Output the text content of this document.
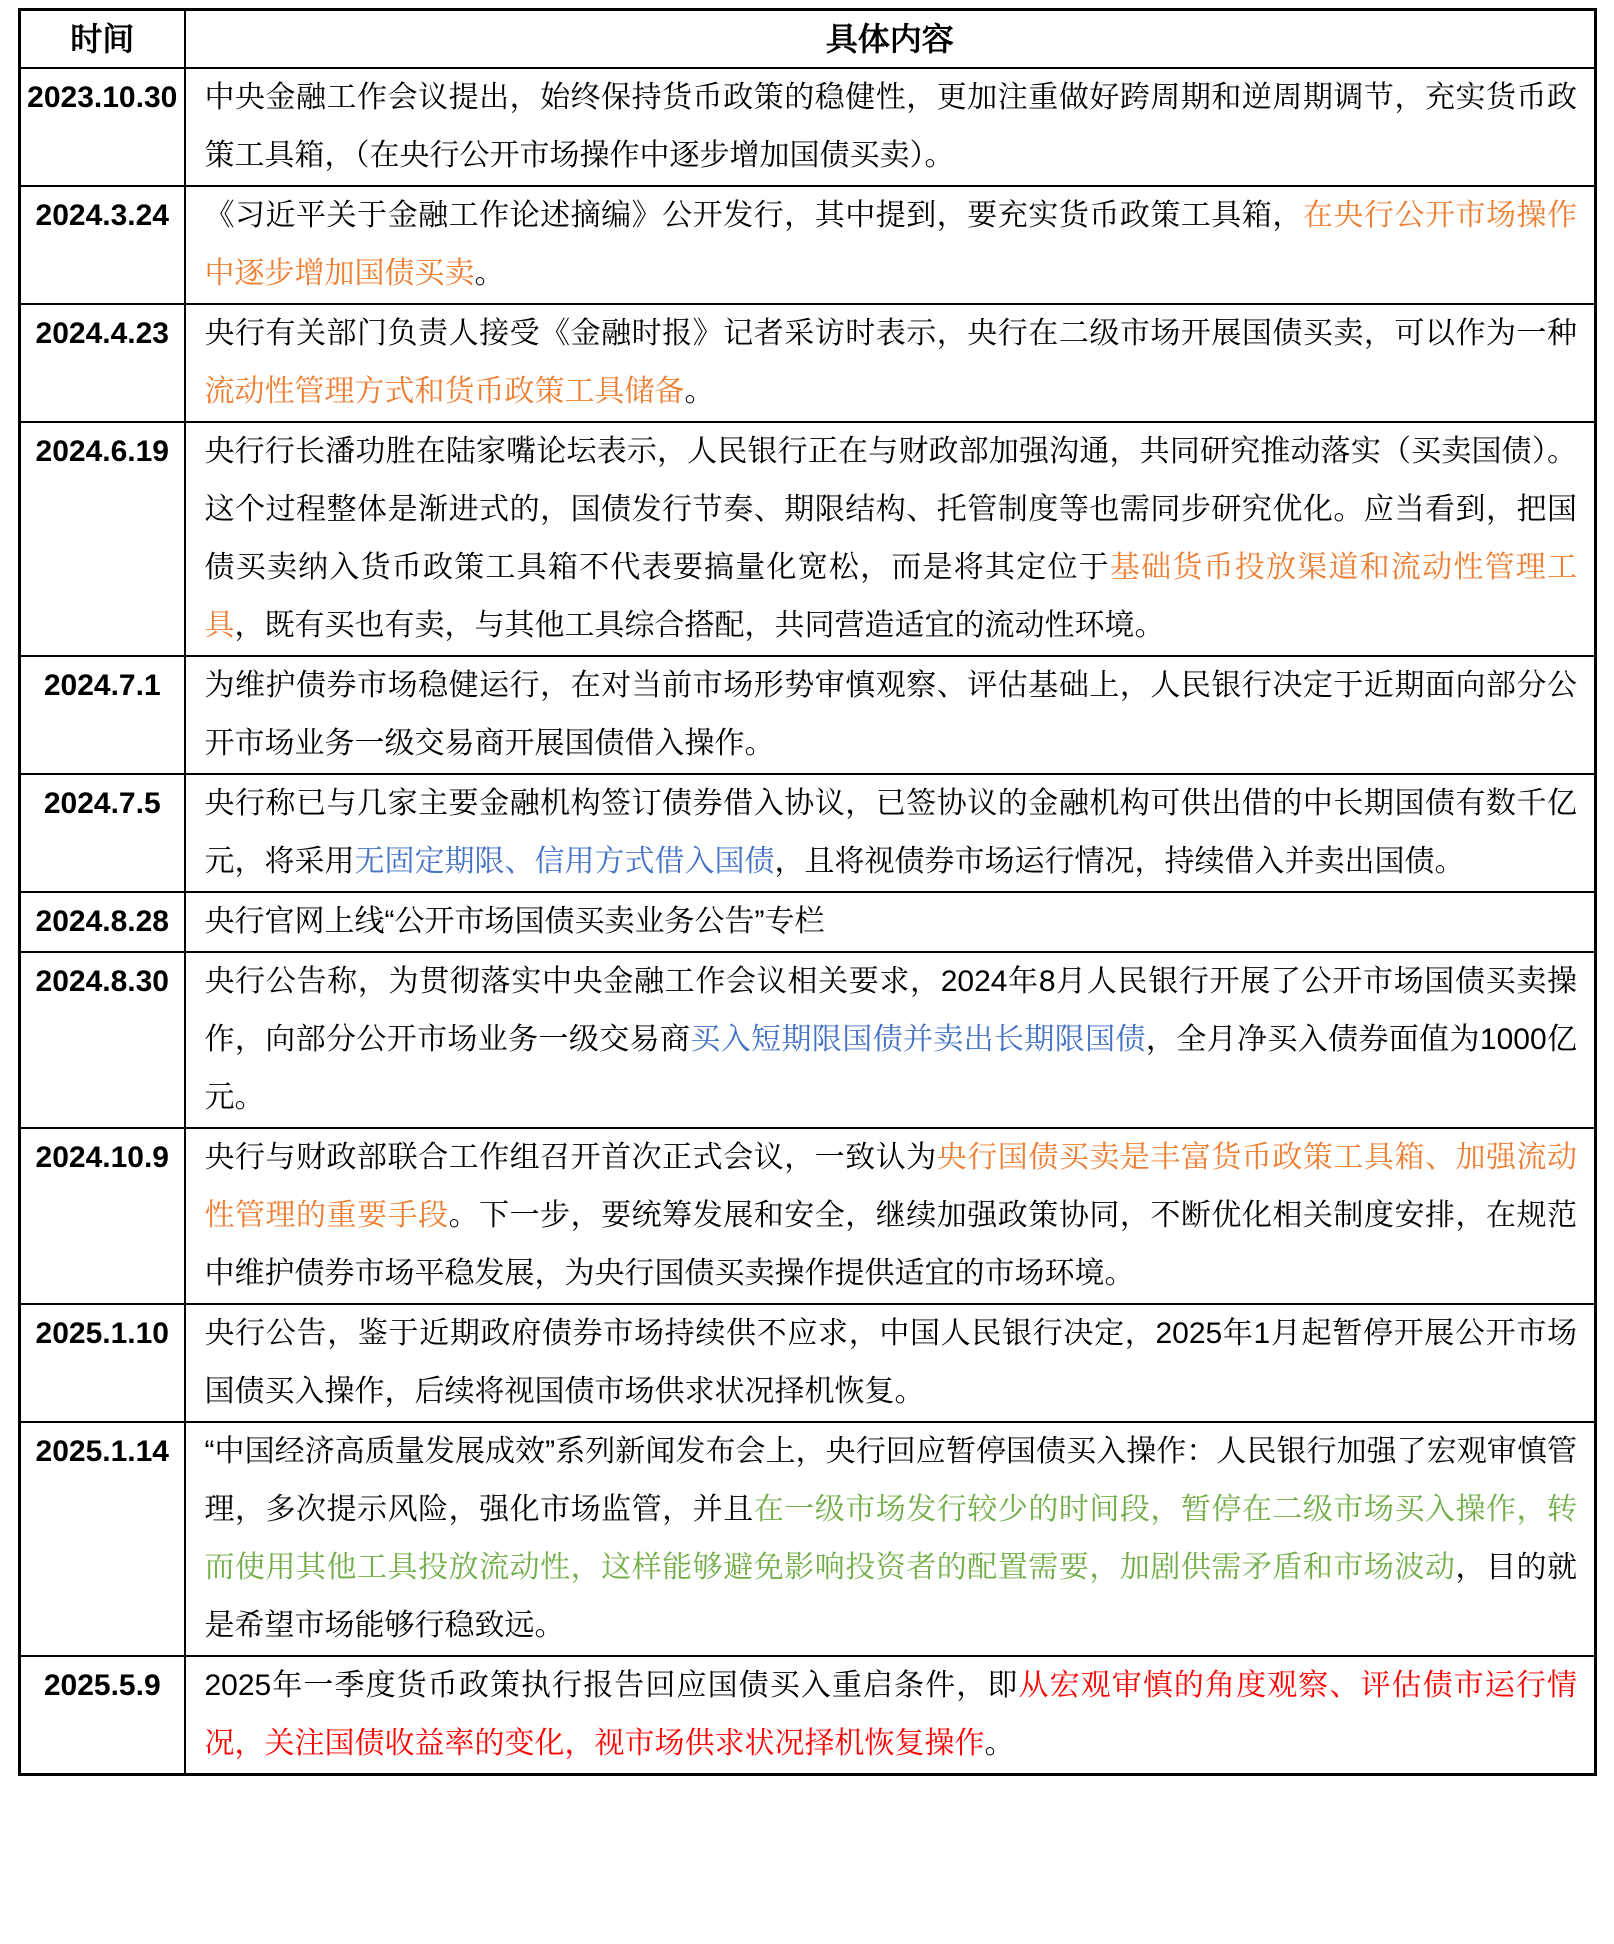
时间	具体内容
2023.10.30	中央金融工作会议提出，始终保持货币政策的稳健性，更加注重做好跨周期和逆周期调节，充实货币政策工具箱，（在央行公开市场操作中逐步增加国债买卖）。
2024.3.24	《习近平关于金融工作论述摘编》公开发行，其中提到，要充实货币政策工具箱，在央行公开市场操作中逐步增加国债买卖。
2024.4.23	央行有关部门负责人接受《金融时报》记者采访时表示，央行在二级市场开展国债买卖，可以作为一种流动性管理方式和货币政策工具储备。
2024.6.19	央行行长潘功胜在陆家嘴论坛表示，人民银行正在与财政部加强沟通，共同研究推动落实（买卖国债）。这个过程整体是渐进式的，国债发行节奏、期限结构、托管制度等也需同步研究优化。应当看到，把国债买卖纳入货币政策工具箱不代表要搞量化宽松，而是将其定位于基础货币投放渠道和流动性管理工具，既有买也有卖，与其他工具综合搭配，共同营造适宜的流动性环境。
2024.7.1	为维护债券市场稳健运行，在对当前市场形势审慎观察、评估基础上，人民银行决定于近期面向部分公开市场业务一级交易商开展国债借入操作。
2024.7.5	央行称已与几家主要金融机构签订债券借入协议，已签协议的金融机构可供出借的中长期国债有数千亿元，将采用无固定期限、信用方式借入国债，且将视债券市场运行情况，持续借入并卖出国债。
2024.8.28	央行官网上线“公开市场国债买卖业务公告”专栏
2024.8.30	央行公告称，为贯彻落实中央金融工作会议相关要求，2024年8月人民银行开展了公开市场国债买卖操作，向部分公开市场业务一级交易商买入短期限国债并卖出长期限国债，全月净买入债券面值为1000亿元。
2024.10.9	央行与财政部联合工作组召开首次正式会议，一致认为央行国债买卖是丰富货币政策工具箱、加强流动性管理的重要手段。下一步，要统筹发展和安全，继续加强政策协同，不断优化相关制度安排，在规范中维护债券市场平稳发展，为央行国债买卖操作提供适宜的市场环境。
2025.1.10	央行公告，鉴于近期政府债券市场持续供不应求，中国人民银行决定，2025年1月起暂停开展公开市场国债买入操作，后续将视国债市场供求状况择机恢复。
2025.1.14	“中国经济高质量发展成效”系列新闻发布会上，央行回应暂停国债买入操作：人民银行加强了宏观审慎管理，多次提示风险，强化市场监管，并且在一级市场发行较少的时间段，暂停在二级市场买入操作，转而使用其他工具投放流动性，这样能够避免影响投资者的配置需要，加剧供需矛盾和市场波动，目的就是希望市场能够行稳致远。
2025.5.9	2025年一季度货币政策执行报告回应国债买入重启条件，即从宏观审慎的角度观察、评估债市运行情况，关注国债收益率的变化，视市场供求状况择机恢复操作。
